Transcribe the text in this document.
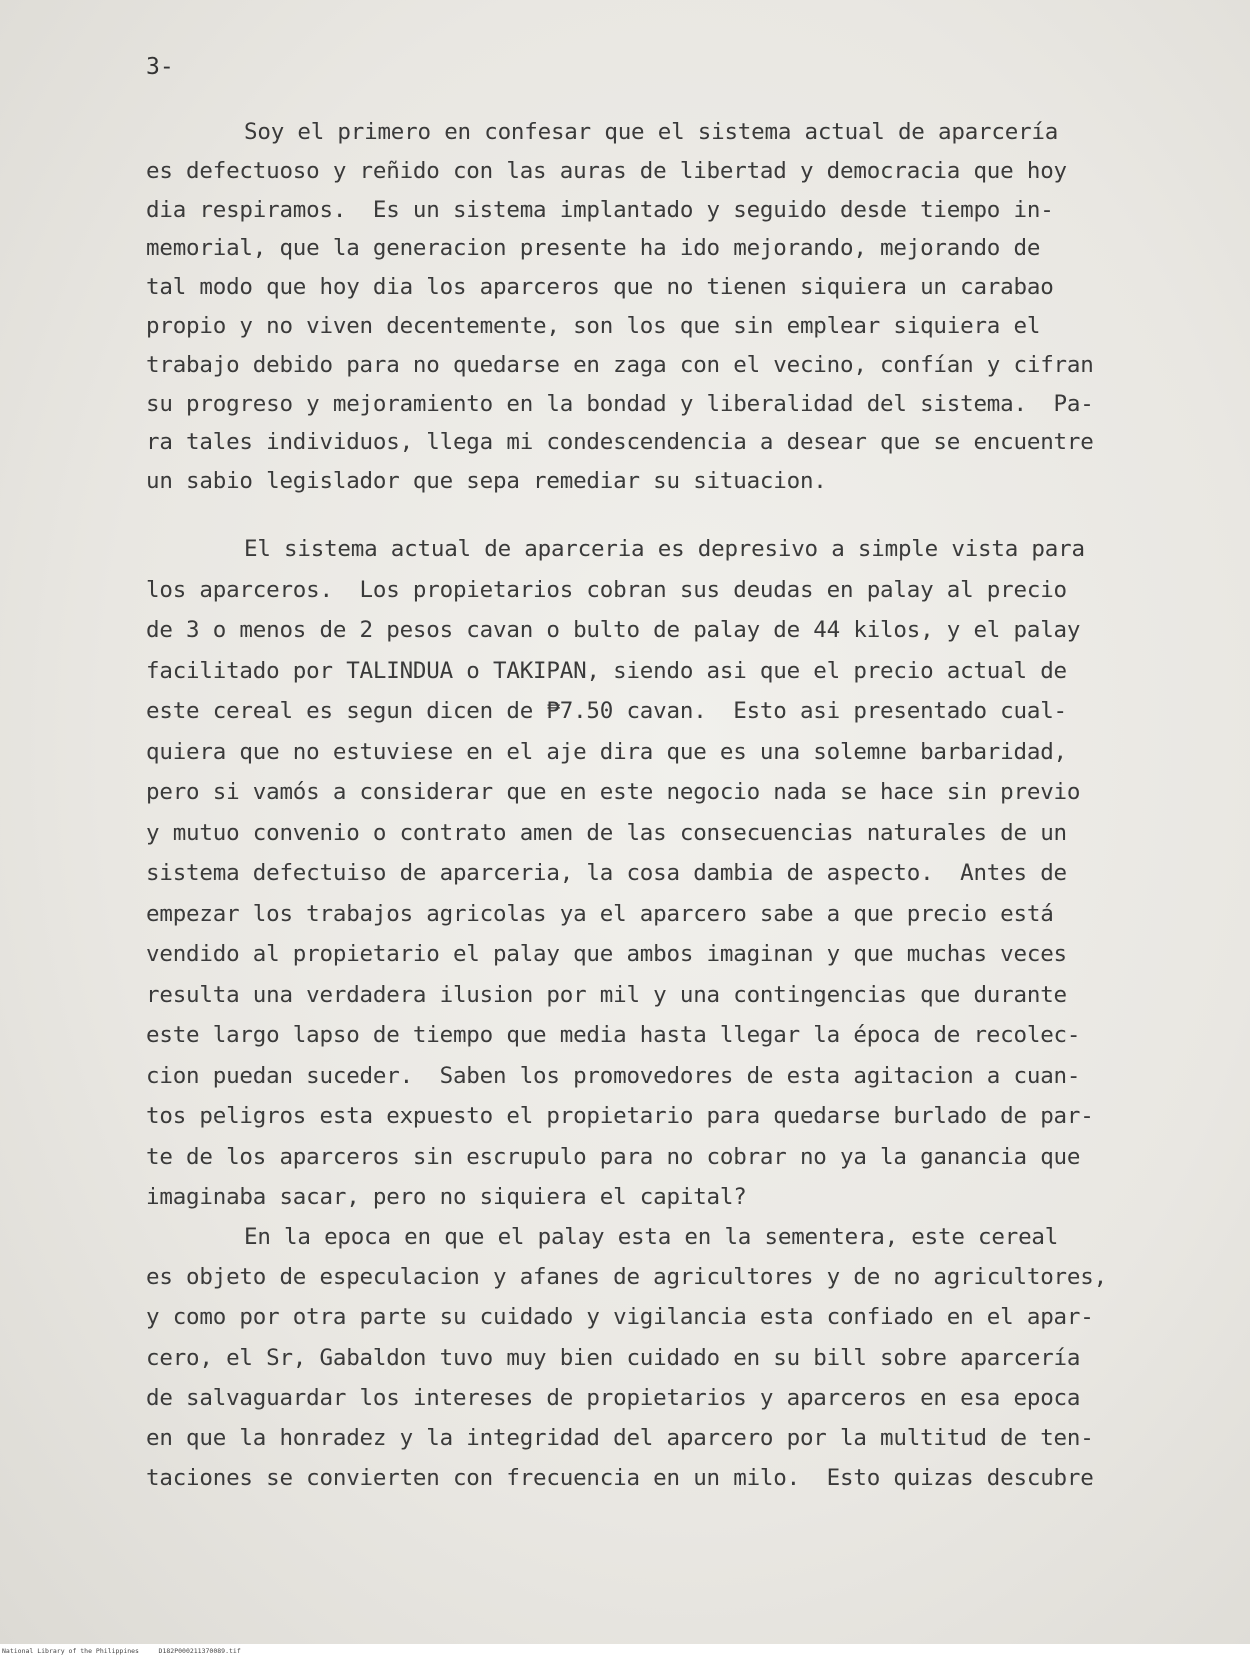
3-
Soy el primero en confesar que el sistema actual de aparcería
es defectuoso y reñido con las auras de libertad y democracia que hoy
dia respiramos.  Es un sistema implantado y seguido desde tiempo in-
memorial, que la generacion presente ha ido mejorando, mejorando de
tal modo que hoy dia los aparceros que no tienen siquiera un carabao
propio y no viven decentemente, son los que sin emplear siquiera el
trabajo debido para no quedarse en zaga con el vecino, confían y cifran
su progreso y mejoramiento en la bondad y liberalidad del sistema.  Pa-
ra tales individuos, llega mi condescendencia a desear que se encuentre
un sabio legislador que sepa remediar su situacion.
El sistema actual de aparceria es depresivo a simple vista para
los aparceros.  Los propietarios cobran sus deudas en palay al precio
de 3 o menos de 2 pesos cavan o bulto de palay de 44 kilos, y el palay
facilitado por TALINDUA o TAKIPAN, siendo asi que el precio actual de
este cereal es segun dicen de ₱7.50 cavan.  Esto asi presentado cual-
quiera que no estuviese en el aje dira que es una solemne barbaridad,
pero si vamós a considerar que en este negocio nada se hace sin previo
y mutuo convenio o contrato amen de las consecuencias naturales de un
sistema defectuiso de aparceria, la cosa dambia de aspecto.  Antes de
empezar los trabajos agricolas ya el aparcero sabe a que precio está
vendido al propietario el palay que ambos imaginan y que muchas veces
resulta una verdadera ilusion por mil y una contingencias que durante
este largo lapso de tiempo que media hasta llegar la época de recolec-
cion puedan suceder.  Saben los promovedores de esta agitacion a cuan-
tos peligros esta expuesto el propietario para quedarse burlado de par-
te de los aparceros sin escrupulo para no cobrar no ya la ganancia que
imaginaba sacar, pero no siquiera el capital?
En la epoca en que el palay esta en la sementera, este cereal
es objeto de especulacion y afanes de agricultores y de no agricultores,
y como por otra parte su cuidado y vigilancia esta confiado en el apar-
cero, el Sr, Gabaldon tuvo muy bien cuidado en su bill sobre aparcería
de salvaguardar los intereses de propietarios y aparceros en esa epoca
en que la honradez y la integridad del aparcero por la multitud de ten-
taciones se convierten con frecuencia en un milo.  Esto quizas descubre
National Library of the Philippines	D182P000211370089.tif
